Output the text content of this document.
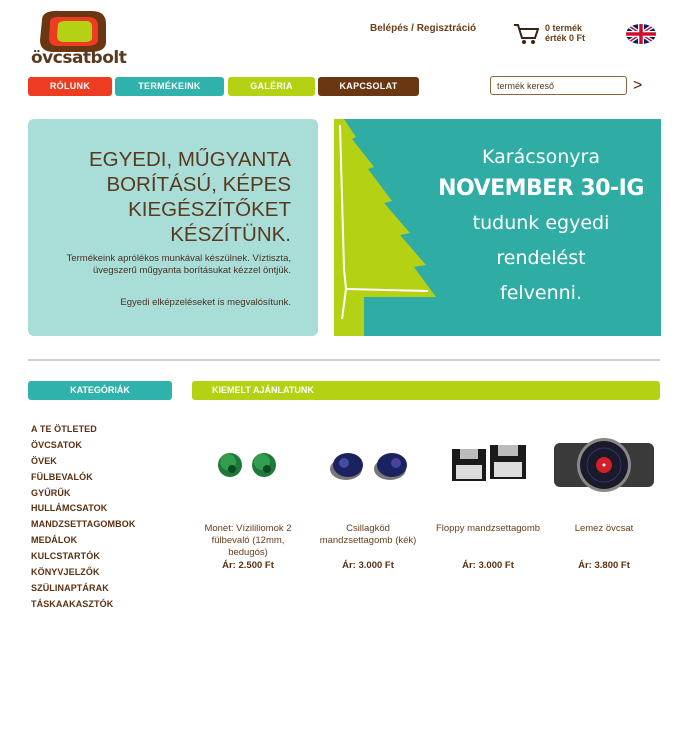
övcsatbolt
Belépés / Regisztráció	0 termék
érték 0 Ft
RÓLUNK	TERMÉKEINK	GALÉRIA	KAPCSOLAT
termék kereső	>
EGYEDI, MŰGYANTA BORÍTÁSÚ, KÉPES KIEGÉSZÍTŐKET KÉSZÍTÜNK.
Termékeink aprólékos munkával készülnek. Víztiszta, üvegszerű műgyanta borításukat kézzel öntjük.
Egyedi elképzeléseket is megvalósítunk.
Karácsonyra
NOVEMBER 30-IG
tudunk egyedi
rendelést
felvenni.
KATEGÓRIÁK
A TE ÖTLETED
ÖVCSATOK
ÖVEK
FÜLBEVALÓK
GYŰRŰK
HULLÁMCSATOK
MANDZSETTAGOMBOK
MEDÁLOK
KULCSTARTÓK
KÖNYVJELZŐK
SZÜLINAPTÁRAK
TÁSKAAKASZTÓK
KIEMELT AJÁNLATUNK
Monet: Vízililiomok 2 fülbevaló (12mm, bedugós)
Ár: 2.500 Ft
Csillagköd mandzsettagomb (kék)
Ár: 3.000 Ft
Floppy mandzsettagomb
Ár: 3.000 Ft
Lemez övcsat
Ár: 3.800 Ft
